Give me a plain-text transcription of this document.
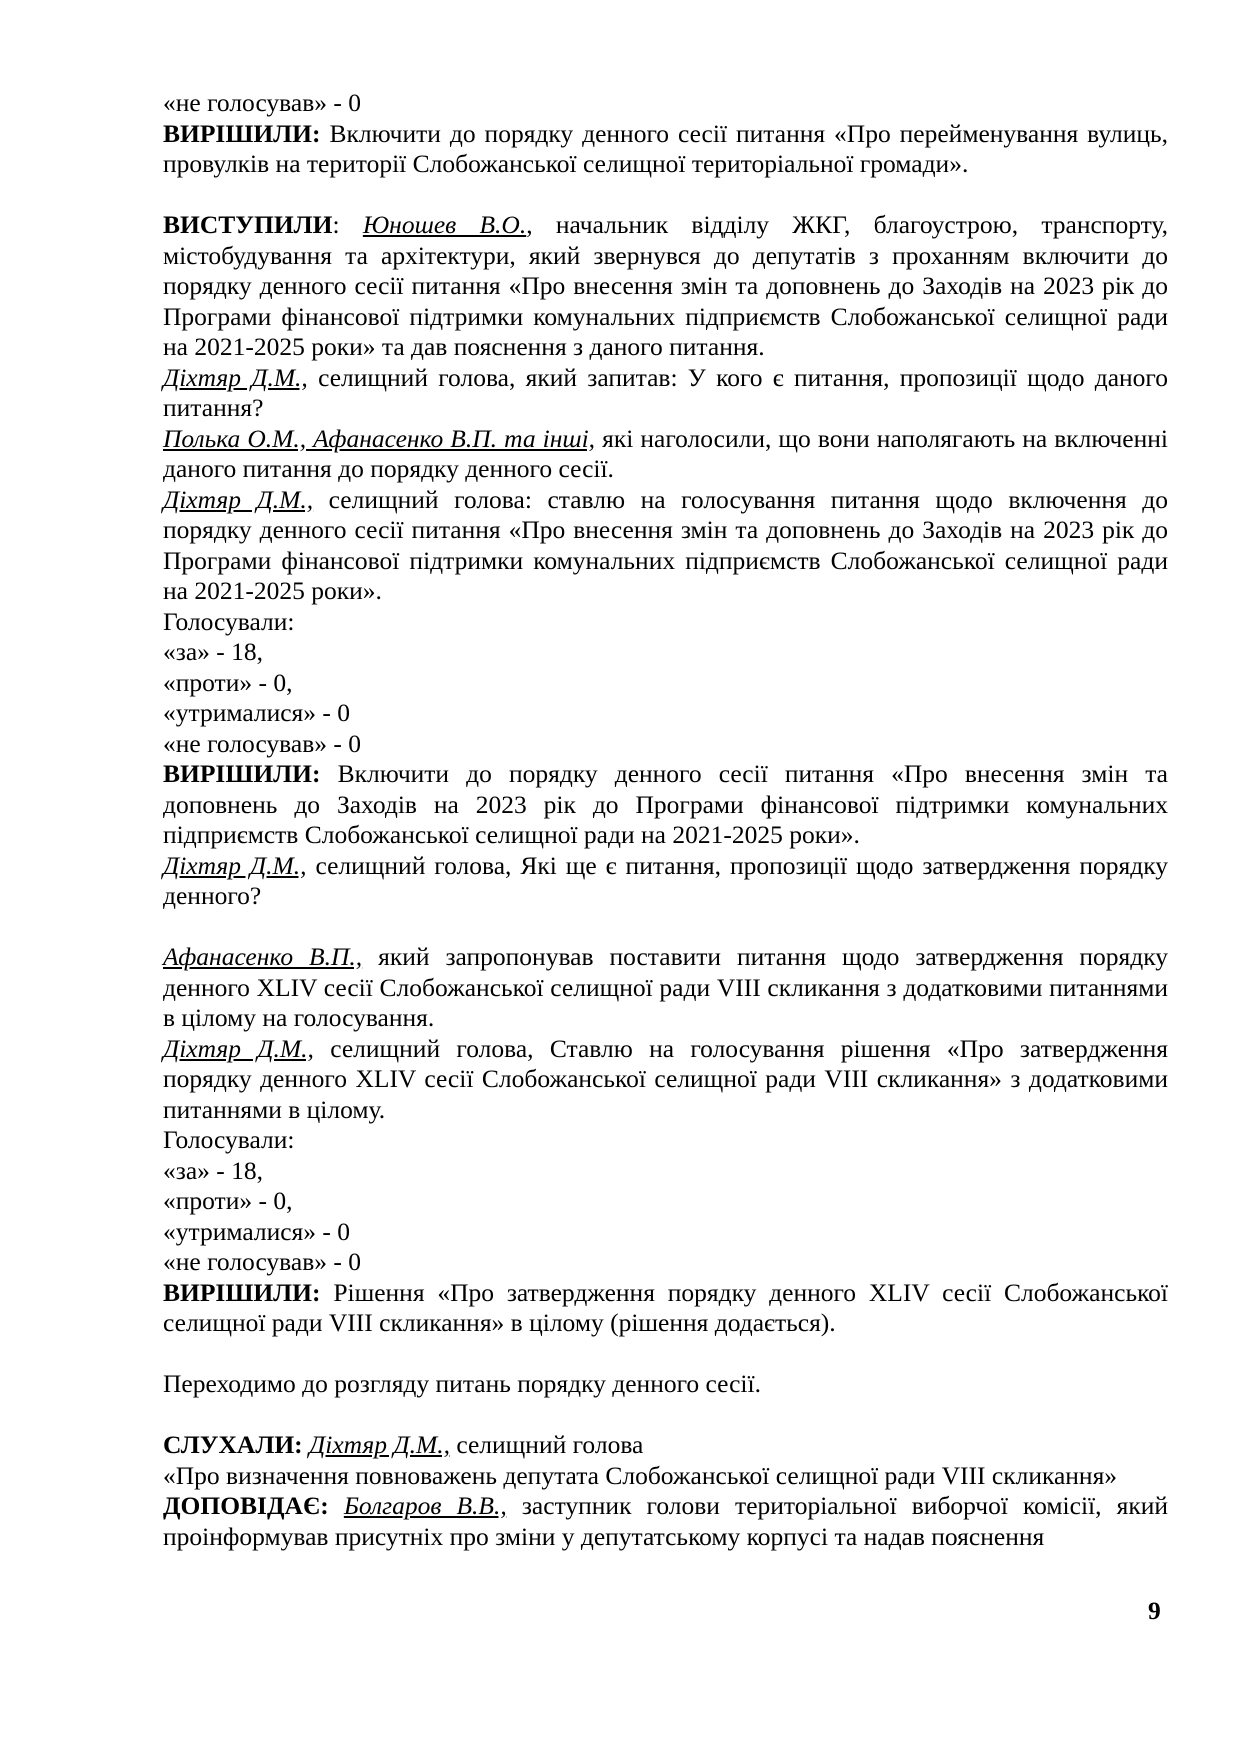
«не голосував» - 0

ВИРІШИЛИ: Включити до порядку денного сесії питання «Про перейменування вулиць, провулків на території Слобожанської селищної територіальної громади».

ВИСТУПИЛИ: Юношев В.О., начальник відділу ЖКГ, благоустрою, транспорту, містобудування та архітектури, який звернувся до депутатів з проханням включити до порядку денного сесії питання «Про внесення змін та доповнень до Заходів на 2023 рік до Програми фінансової підтримки комунальних підприємств Слобожанської селищної ради на 2021-2025 роки» та дав пояснення з даного питання.

Діхтяр Д.М., селищний голова, який запитав: У кого є питання, пропозиції щодо даного питання?

Полька О.М., Афанасенко В.П. та інші, які наголосили, що вони наполягають на включенні даного питання до порядку денного сесії.

Діхтяр Д.М., селищний голова: ставлю на голосування питання щодо включення до порядку денного сесії питання «Про внесення змін та доповнень до Заходів на 2023 рік до Програми фінансової підтримки комунальних підприємств Слобожанської селищної ради на 2021-2025 роки».

Голосували:

«за» - 18,

«проти» - 0,

«утрималися» - 0

«не голосував» - 0

ВИРІШИЛИ: Включити до порядку денного сесії питання «Про внесення змін та доповнень до Заходів на 2023 рік до Програми фінансової підтримки комунальних підприємств Слобожанської селищної ради на 2021-2025 роки».

Діхтяр Д.М., селищний голова, Які ще є питання, пропозиції щодо затвердження порядку денного?

Афанасенко В.П., який запропонував поставити питання щодо затвердження порядку денного XLIV сесії Слобожанської селищної ради VIII скликання з додатковими питаннями в цілому на голосування.

Діхтяр Д.М., селищний голова, Ставлю на голосування рішення «Про затвердження порядку денного XLIV сесії Слобожанської селищної ради VIII скликання» з додатковими питаннями в цілому.

Голосували:

«за» - 18,

«проти» - 0,

«утрималися» - 0

«не голосував» - 0

ВИРІШИЛИ: Рішення «Про затвердження порядку денного XLIV сесії Слобожанської селищної ради VIII скликання» в цілому (рішення додається).

Переходимо до розгляду питань порядку денного сесії.

СЛУХАЛИ: Діхтяр Д.М., селищний голова

«Про визначення повноважень депутата Слобожанської селищної ради VIII скликання»

ДОПОВІДАЄ: Болгаров В.В., заступник голови територіальної виборчої комісії, який проінформував присутніх про зміни у депутатському корпусі та надав пояснення

9
